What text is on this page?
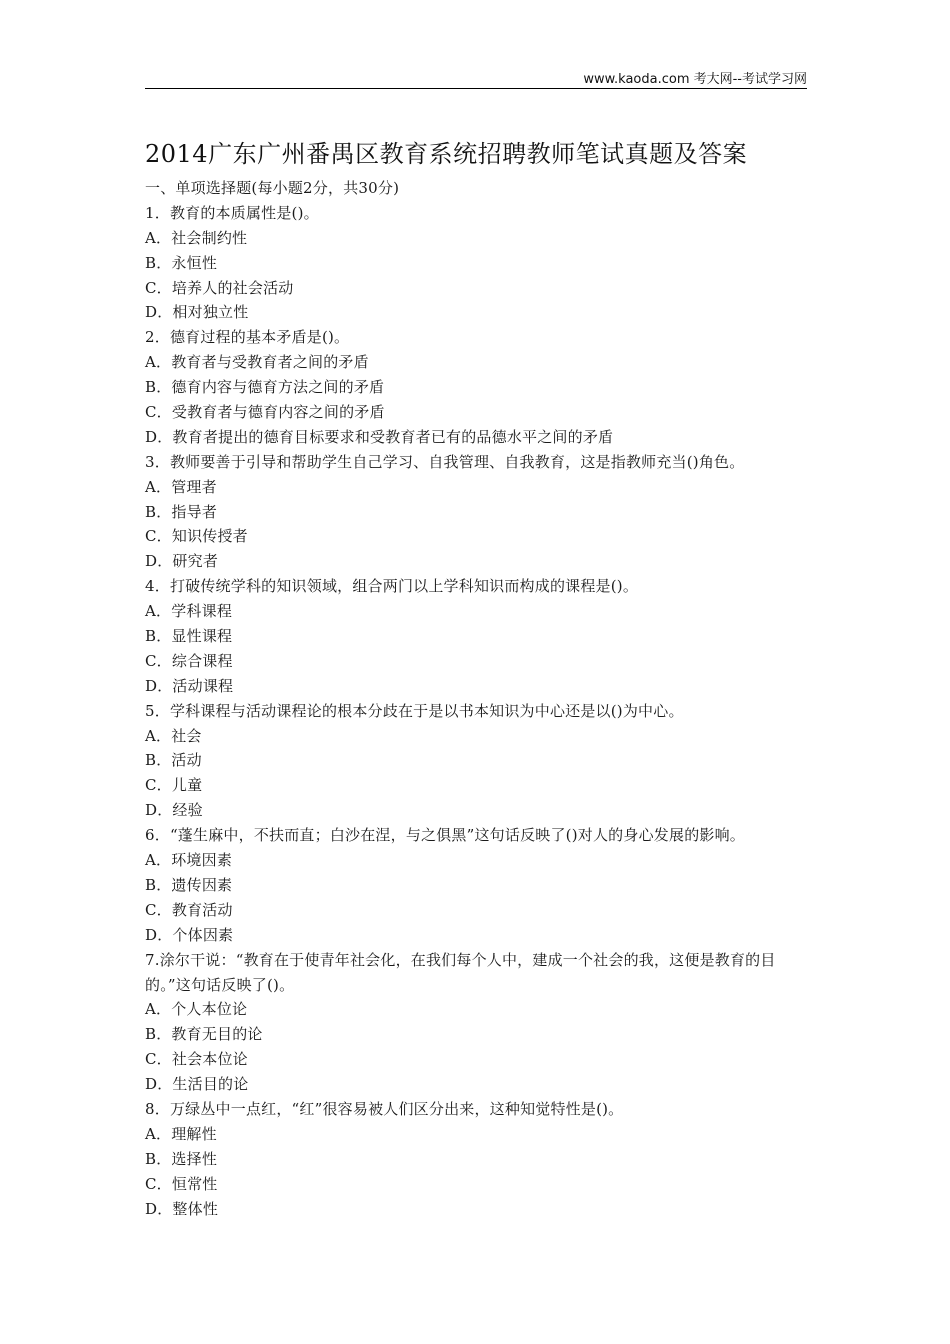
www.kaoda.com 考大网--考试学习网
2014广东广州番禺区教育系统招聘教师笔试真题及答案
一、单项选择题(每小题2分，共30分)
1．教育的本质属性是()。
A．社会制约性
B．永恒性
C．培养人的社会活动
D．相对独立性
2．德育过程的基本矛盾是()。
A．教育者与受教育者之间的矛盾
B．德育内容与德育方法之间的矛盾
C．受教育者与德育内容之间的矛盾
D．教育者提出的德育目标要求和受教育者已有的品德水平之间的矛盾
3．教师要善于引导和帮助学生自己学习、自我管理、自我教育，这是指教师充当()角色。
A．管理者
B．指导者
C．知识传授者
D．研究者
4．打破传统学科的知识领域，组合两门以上学科知识而构成的课程是()。
A．学科课程
B．显性课程
C．综合课程
D．活动课程
5．学科课程与活动课程论的根本分歧在于是以书本知识为中心还是以()为中心。
A．社会
B．活动
C．儿童
D．经验
6．“蓬生麻中，不扶而直；白沙在涅，与之俱黑”这句话反映了()对人的身心发展的影响。
A．环境因素
B．遗传因素
C．教育活动
D．个体因素
7.涂尔干说：“教育在于使青年社会化，在我们每个人中，建成一个社会的我，这便是教育的目的。”这句话反映了()。
A．个人本位论
B．教育无目的论
C．社会本位论
D．生活目的论
8．万绿丛中一点红，“红”很容易被人们区分出来，这种知觉特性是()。
A．理解性
B．选择性
C．恒常性
D．整体性
